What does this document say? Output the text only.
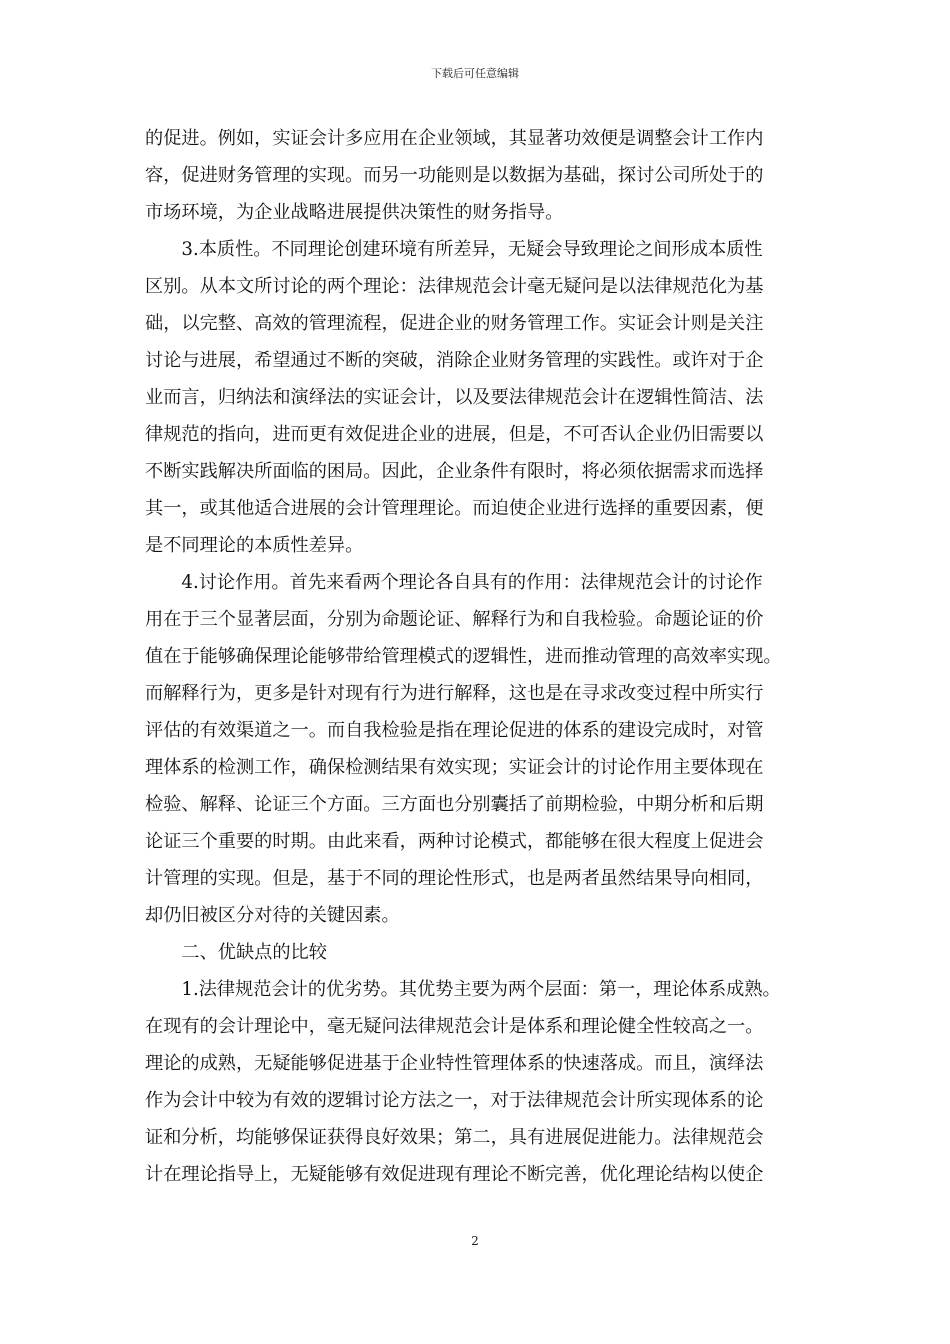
下载后可任意编辑
的促进。例如，实证会计多应用在企业领域，其显著功效便是调整会计工作内
容，促进财务管理的实现。而另一功能则是以数据为基础，探讨公司所处于的
市场环境，为企业战略进展提供决策性的财务指导。
　　3.本质性。不同理论创建环境有所差异，无疑会导致理论之间形成本质性
区别。从本文所讨论的两个理论：法律规范会计毫无疑问是以法律规范化为基
础，以完整、高效的管理流程，促进企业的财务管理工作。实证会计则是关注
讨论与进展，希望通过不断的突破，消除企业财务管理的实践性。或许对于企
业而言，归纳法和演绎法的实证会计，以及要法律规范会计在逻辑性简洁、法
律规范的指向，进而更有效促进企业的进展，但是，不可否认企业仍旧需要以
不断实践解决所面临的困局。因此，企业条件有限时，将必须依据需求而选择
其一，或其他适合进展的会计管理理论。而迫使企业进行选择的重要因素，便
是不同理论的本质性差异。
　　4.讨论作用。首先来看两个理论各自具有的作用：法律规范会计的讨论作
用在于三个显著层面，分别为命题论证、解释行为和自我检验。命题论证的价
值在于能够确保理论能够带给管理模式的逻辑性，进而推动管理的高效率实现。
而解释行为，更多是针对现有行为进行解释，这也是在寻求改变过程中所实行
评估的有效渠道之一。而自我检验是指在理论促进的体系的建设完成时，对管
理体系的检测工作，确保检测结果有效实现；实证会计的讨论作用主要体现在
检验、解释、论证三个方面。三方面也分别囊括了前期检验，中期分析和后期
论证三个重要的时期。由此来看，两种讨论模式，都能够在很大程度上促进会
计管理的实现。但是，基于不同的理论性形式，也是两者虽然结果导向相同，
却仍旧被区分对待的关键因素。
　　二、优缺点的比较
　　1.法律规范会计的优劣势。其优势主要为两个层面：第一，理论体系成熟。
在现有的会计理论中，毫无疑问法律规范会计是体系和理论健全性较高之一。
理论的成熟，无疑能够促进基于企业特性管理体系的快速落成。而且，演绎法
作为会计中较为有效的逻辑讨论方法之一，对于法律规范会计所实现体系的论
证和分析，均能够保证获得良好效果；第二，具有进展促进能力。法律规范会
计在理论指导上，无疑能够有效促进现有理论不断完善，优化理论结构以使企
2
